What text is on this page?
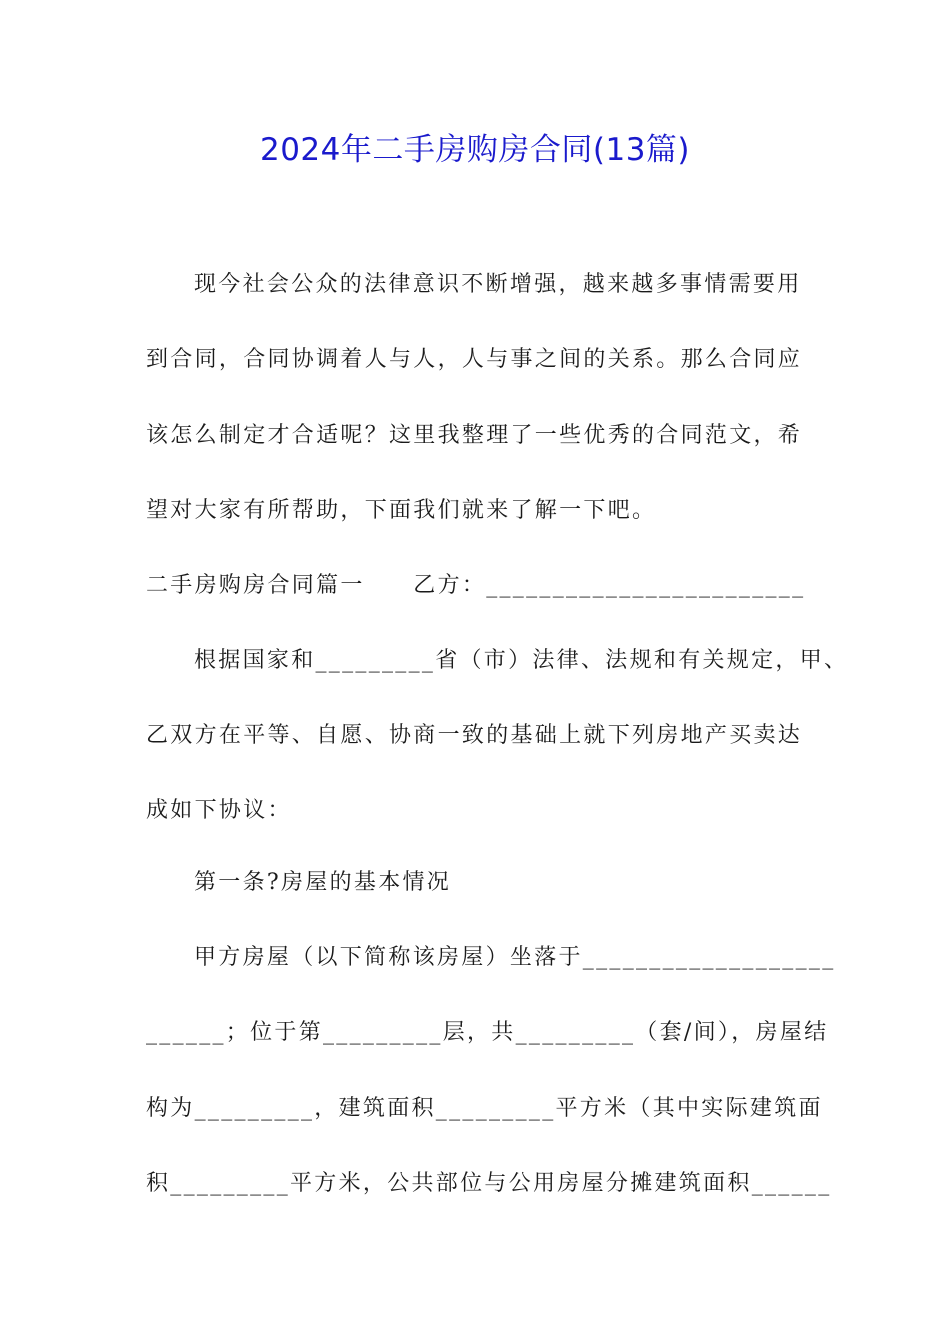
2024年二手房购房合同(13篇)
现今社会公众的法律意识不断增强，越来越多事情需要用
到合同，合同协调着人与人，人与事之间的关系。那么合同应
该怎么制定才合适呢？这里我整理了一些优秀的合同范文，希
望对大家有所帮助，下面我们就来了解一下吧。
二手房购房合同篇一　　乙方：________________________
根据国家和_________省（市）法律、法规和有关规定，甲、
乙双方在平等、自愿、协商一致的基础上就下列房地产买卖达
成如下协议：
第一条?房屋的基本情况
甲方房屋（以下简称该房屋）坐落于___________________
______；位于第_________层，共_________（套/间），房屋结
构为_________，建筑面积_________平方米（其中实际建筑面
积_________平方米，公共部位与公用房屋分摊建筑面积______
